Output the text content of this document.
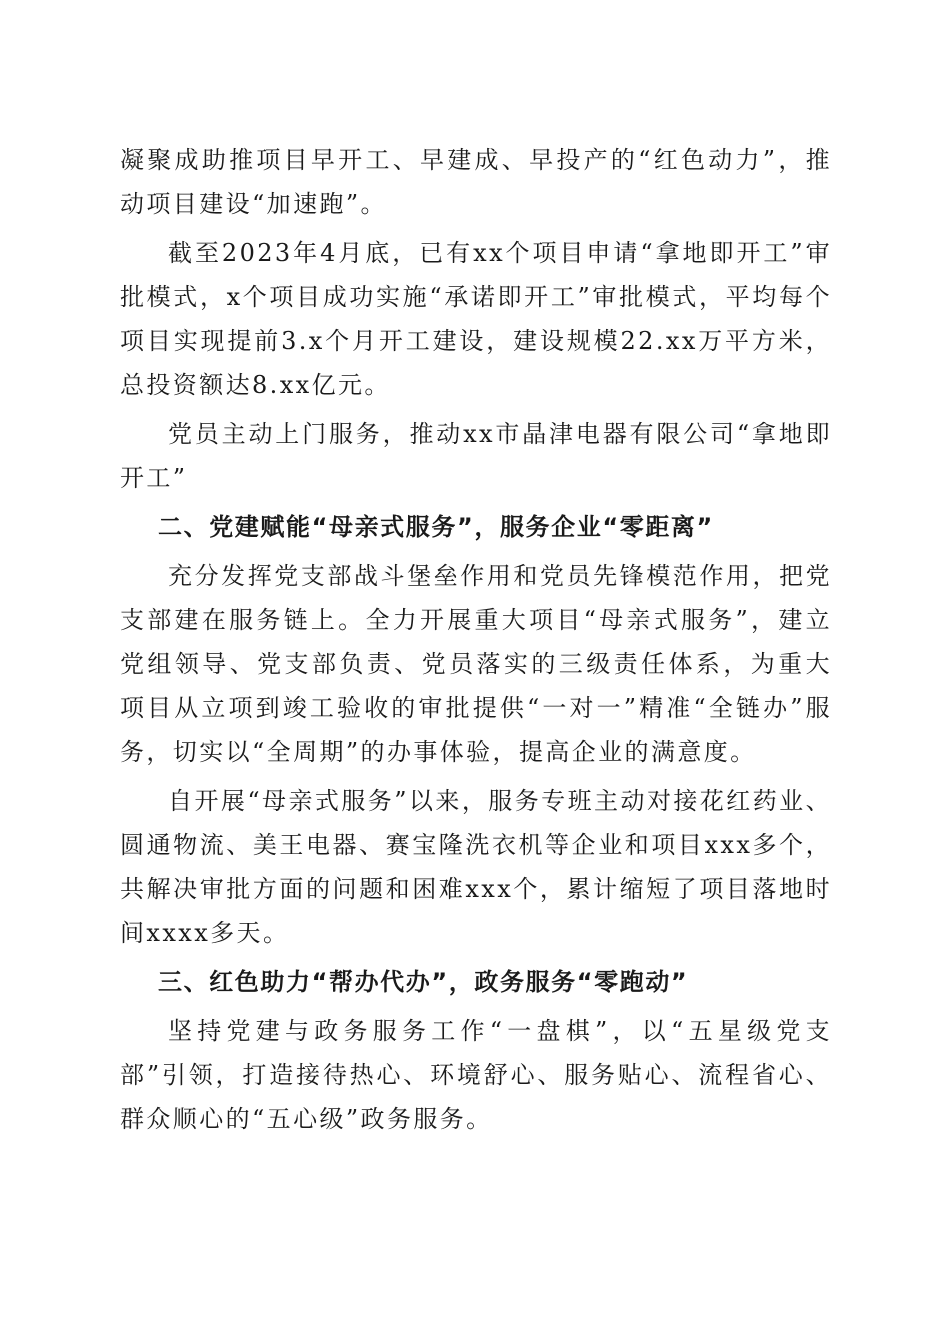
凝聚成助推项目早开工、早建成、早投产的“红色动力”，推动项目建设“加速跑”。

截至2023年4月底，已有xx个项目申请“拿地即开工”审批模式，x个项目成功实施“承诺即开工”审批模式，平均每个项目实现提前3.x个月开工建设，建设规模22.xx万平方米，总投资额达8.xx亿元。

党员主动上门服务，推动xx市晶津电器有限公司“拿地即开工”

二、党建赋能“母亲式服务”，服务企业“零距离”

充分发挥党支部战斗堡垒作用和党员先锋模范作用，把党支部建在服务链上。全力开展重大项目“母亲式服务”，建立党组领导、党支部负责、党员落实的三级责任体系，为重大项目从立项到竣工验收的审批提供“一对一”精准“全链办”服务，切实以“全周期”的办事体验，提高企业的满意度。

自开展“母亲式服务”以来，服务专班主动对接花红药业、圆通物流、美王电器、赛宝隆洗衣机等企业和项目xxx多个，共解决审批方面的问题和困难xxx个，累计缩短了项目落地时间xxxx多天。

三、红色助力“帮办代办”，政务服务“零跑动”

坚持党建与政务服务工作“一盘棋”，以“五星级党支部”引领，打造接待热心、环境舒心、服务贴心、流程省心、群众顺心的“五心级”政务服务。
